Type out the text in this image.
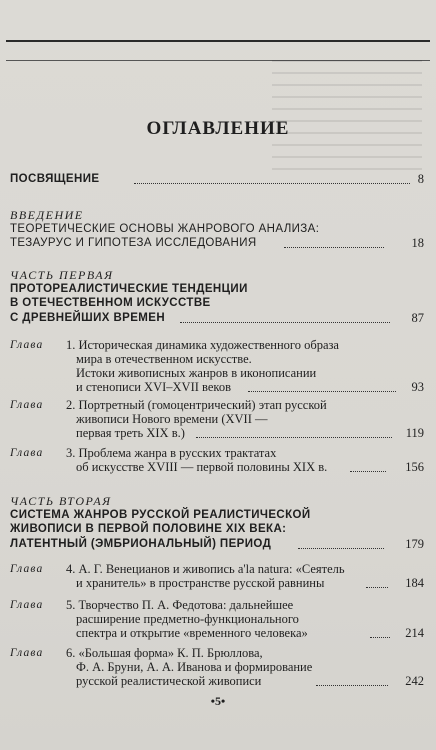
ОГЛАВЛЕНИЕ
ПОСВЯЩЕНИЕ	8
ВВЕДЕНИЕ
ТЕОРЕТИЧЕСКИЕ ОСНОВЫ ЖАНРОВОГО АНАЛИЗА:
ТЕЗАУРУС И ГИПОТЕЗА ИССЛЕДОВАНИЯ	18
ЧАСТЬ ПЕРВАЯ
ПРОТОРЕАЛИСТИЧЕСКИЕ ТЕНДЕНЦИИ
В ОТЕЧЕСТВЕННОМ ИСКУССТВЕ
С ДРЕВНЕЙШИХ ВРЕМЕН	87
Глава 1. Историческая динамика художественного образа
мира в отечественном искусстве.
Истоки живописных жанров в иконописании
и стенописи XVI–XVII веков	93
Глава 2. Портретный (гомоцентрический) этап русской
живописи Нового времени (XVII —
первая треть XIX в.)	119
Глава 3. Проблема жанра в русских трактатах
об искусстве XVIII — первой половины XIX в.	156
ЧАСТЬ ВТОРАЯ
СИСТЕМА ЖАНРОВ РУССКОЙ РЕАЛИСТИЧЕСКОЙ
ЖИВОПИСИ В ПЕРВОЙ ПОЛОВИНЕ XIX ВЕКА:
ЛАТЕНТНЫЙ (ЭМБРИОНАЛЬНЫЙ) ПЕРИОД	179
Глава 4. А. Г. Венецианов и живопись а'la natura: «Сеятель
и хранитель» в пространстве русской равнины	184
Глава 5. Творчество П. А. Федотова: дальнейшее
расширение предметно-функционального
спектра и открытие «временного человека»	214
Глава 6. «Большая форма» К. П. Брюллова,
Ф. А. Бруни, А. А. Иванова и формирование
русской реалистической живописи	242
•5•
